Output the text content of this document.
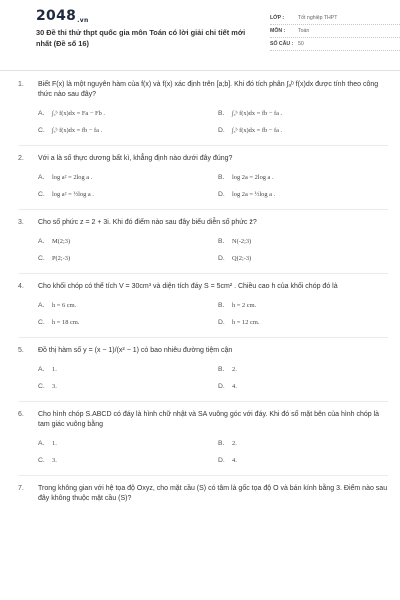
2048.vn
30 Đề thi thử thpt quốc gia môn Toán có lời giải chi tiết mới nhất (Đề số 16)
LỚP :	Tốt nghiệp THPT
MÔN :	Toán
SỐ CÂU : 50
1.	Biết F(x) là một nguyên hàm của f(x) và f(x) xác định trên [a;b]. Khi đó tích phân ∫ₐᵇ f(x)dx được tính theo công thức nào sau đây?
A.	∫ₐᵇ f(x)dx = Fa − Fb .	B.	∫ₐᵇ f(x)dx = fb − fa .
C.	∫ₐᵇ f(x)dx = fb − fa .	D.	∫ₐᵇ f(x)dx = fb − fa .
2.	Với a là số thực dương bất kì, khẳng định nào dưới đây đúng?
A.	log a² = 2log a .	B.	log 2a = 2log a .
C.	log a² = ½log a .	D.	log 2a = ½log a .
3.	Cho số phức z = 2 + 3i. Khi đó điểm nào sau đây biểu diễn số phức z̄?
A.	M(2;3)	B.	N(-2;3)
C.	P(2;-3)	D.	Q(2;-3)
4.	Cho khối chóp có thể tích V = 30cm³ và diện tích đáy S = 5cm² . Chiều cao h của khối chóp đó là
A.	h = 6 cm.	B.	h = 2 cm.
C.	h = 18 cm.	D.	h = 12 cm.
5.	Đồ thị hàm số y = (x − 1)/(x² − 1) có bao nhiêu đường tiệm cận
A.	1.	B.	2.
C.	3.	D.	4.
6.	Cho hình chóp S.ABCD có đáy là hình chữ nhật và SA vuông góc với đáy. Khi đó số mặt bên của hình chóp là tam giác vuông bằng
A.	1.	B.	2.
C.	3.	D.	4.
7.	Trong không gian với hệ tọa độ Oxyz, cho mặt cầu (S) có tâm là gốc tọa độ O và bán kính bằng 3. Điểm nào sau đây không thuộc mặt cầu (S)?
